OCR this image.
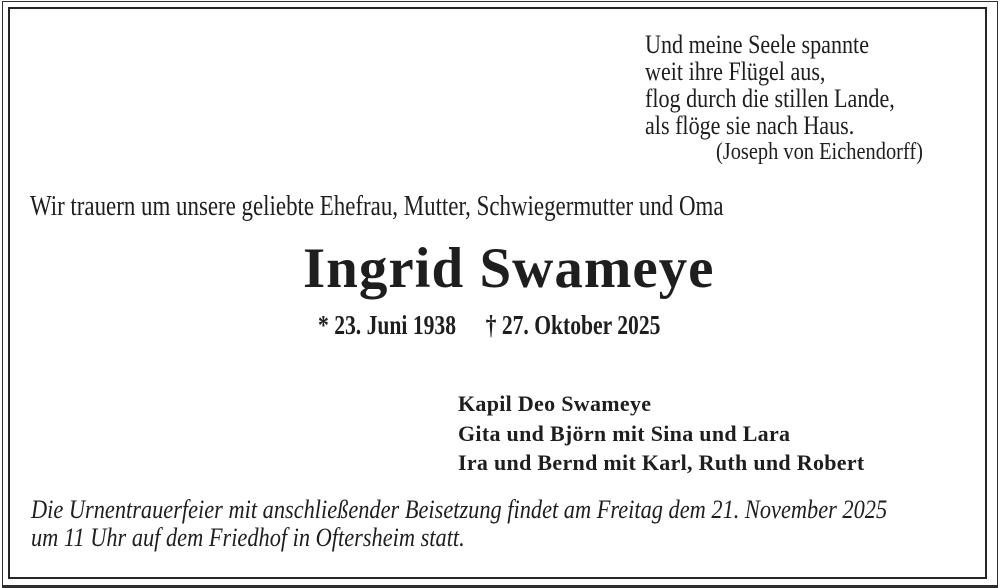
Und meine Seele spannte
weit ihre Flügel aus,
flog durch die stillen Lande,
als flöge sie nach Haus.
(Joseph von Eichendorff)
Wir trauern um unsere geliebte Ehefrau, Mutter, Schwiegermutter und Oma
Ingrid Swameye
* 23. Juni 1938 † 27. Oktober 2025
Kapil Deo Swameye
Gita und Björn mit Sina und Lara
Ira und Bernd mit Karl, Ruth und Robert
Die Urnentrauerfeier mit anschließender Beisetzung findet am Freitag dem 21. November 2025
um 11 Uhr auf dem Friedhof in Oftersheim statt.
